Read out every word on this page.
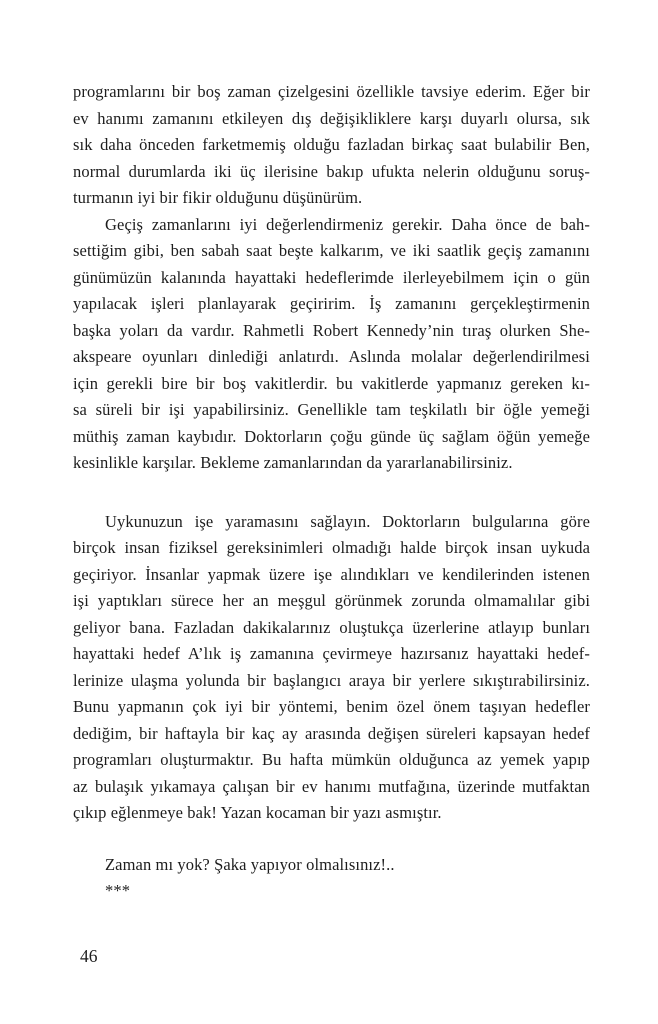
programlarını bir boş zaman çizelgesini özellikle tavsiye ederim. Eğer bir
ev hanımı zamanını etkileyen dış değişikliklere karşı duyarlı olursa, sık
sık daha önceden farketmemiş olduğu fazladan birkaç saat bulabilir Ben,
normal durumlarda iki üç ilerisine bakıp ufukta nelerin olduğunu soruş-
turmanın iyi bir fikir olduğunu düşünürüm.
Geçiş zamanlarını iyi değerlendirmeniz gerekir. Daha önce de bah-
settiğim gibi, ben sabah saat beşte kalkarım, ve iki saatlik geçiş zamanını
günümüzün kalanında hayattaki hedeflerimde ilerleyebilmem için o gün
yapılacak işleri planlayarak geçiririm. İş zamanını gerçekleştirmenin
başka yoları da vardır. Rahmetli Robert Kennedy’nin tıraş olurken She-
akspeare oyunları dinlediği anlatırdı. Aslında molalar değerlendirilmesi
için gerekli bire bir boş vakitlerdir. bu vakitlerde yapmanız gereken kı-
sa süreli bir işi yapabilirsiniz. Genellikle tam teşkilatlı bir öğle yemeği
müthiş zaman kaybıdır. Doktorların çoğu günde üç sağlam öğün yemeğe
kesinlikle karşılar. Bekleme zamanlarından da yararlanabilirsiniz.
Uykunuzun işe yaramasını sağlayın. Doktorların bulgularına göre
birçok insan fiziksel gereksinimleri olmadığı halde birçok insan uykuda
geçiriyor. İnsanlar yapmak üzere işe alındıkları ve kendilerinden istenen
işi yaptıkları sürece her an meşgul görünmek zorunda olmamalılar gibi
geliyor bana. Fazladan dakikalarınız oluştukça üzerlerine atlayıp bunları
hayattaki hedef A’lık iş zamanına çevirmeye hazırsanız hayattaki hedef-
lerinize ulaşma yolunda bir başlangıcı araya bir yerlere sıkıştırabilirsiniz.
Bunu yapmanın çok iyi bir yöntemi, benim özel önem taşıyan hedefler
dediğim, bir haftayla bir kaç ay arasında değişen süreleri kapsayan hedef
programları oluşturmaktır. Bu hafta mümkün olduğunca az yemek yapıp
az bulaşık yıkamaya çalışan bir ev hanımı mutfağına, üzerinde mutfaktan
çıkıp eğlenmeye bak! Yazan kocaman bir yazı asmıştır.
Zaman mı yok? Şaka yapıyor olmalısınız!..
***
46
